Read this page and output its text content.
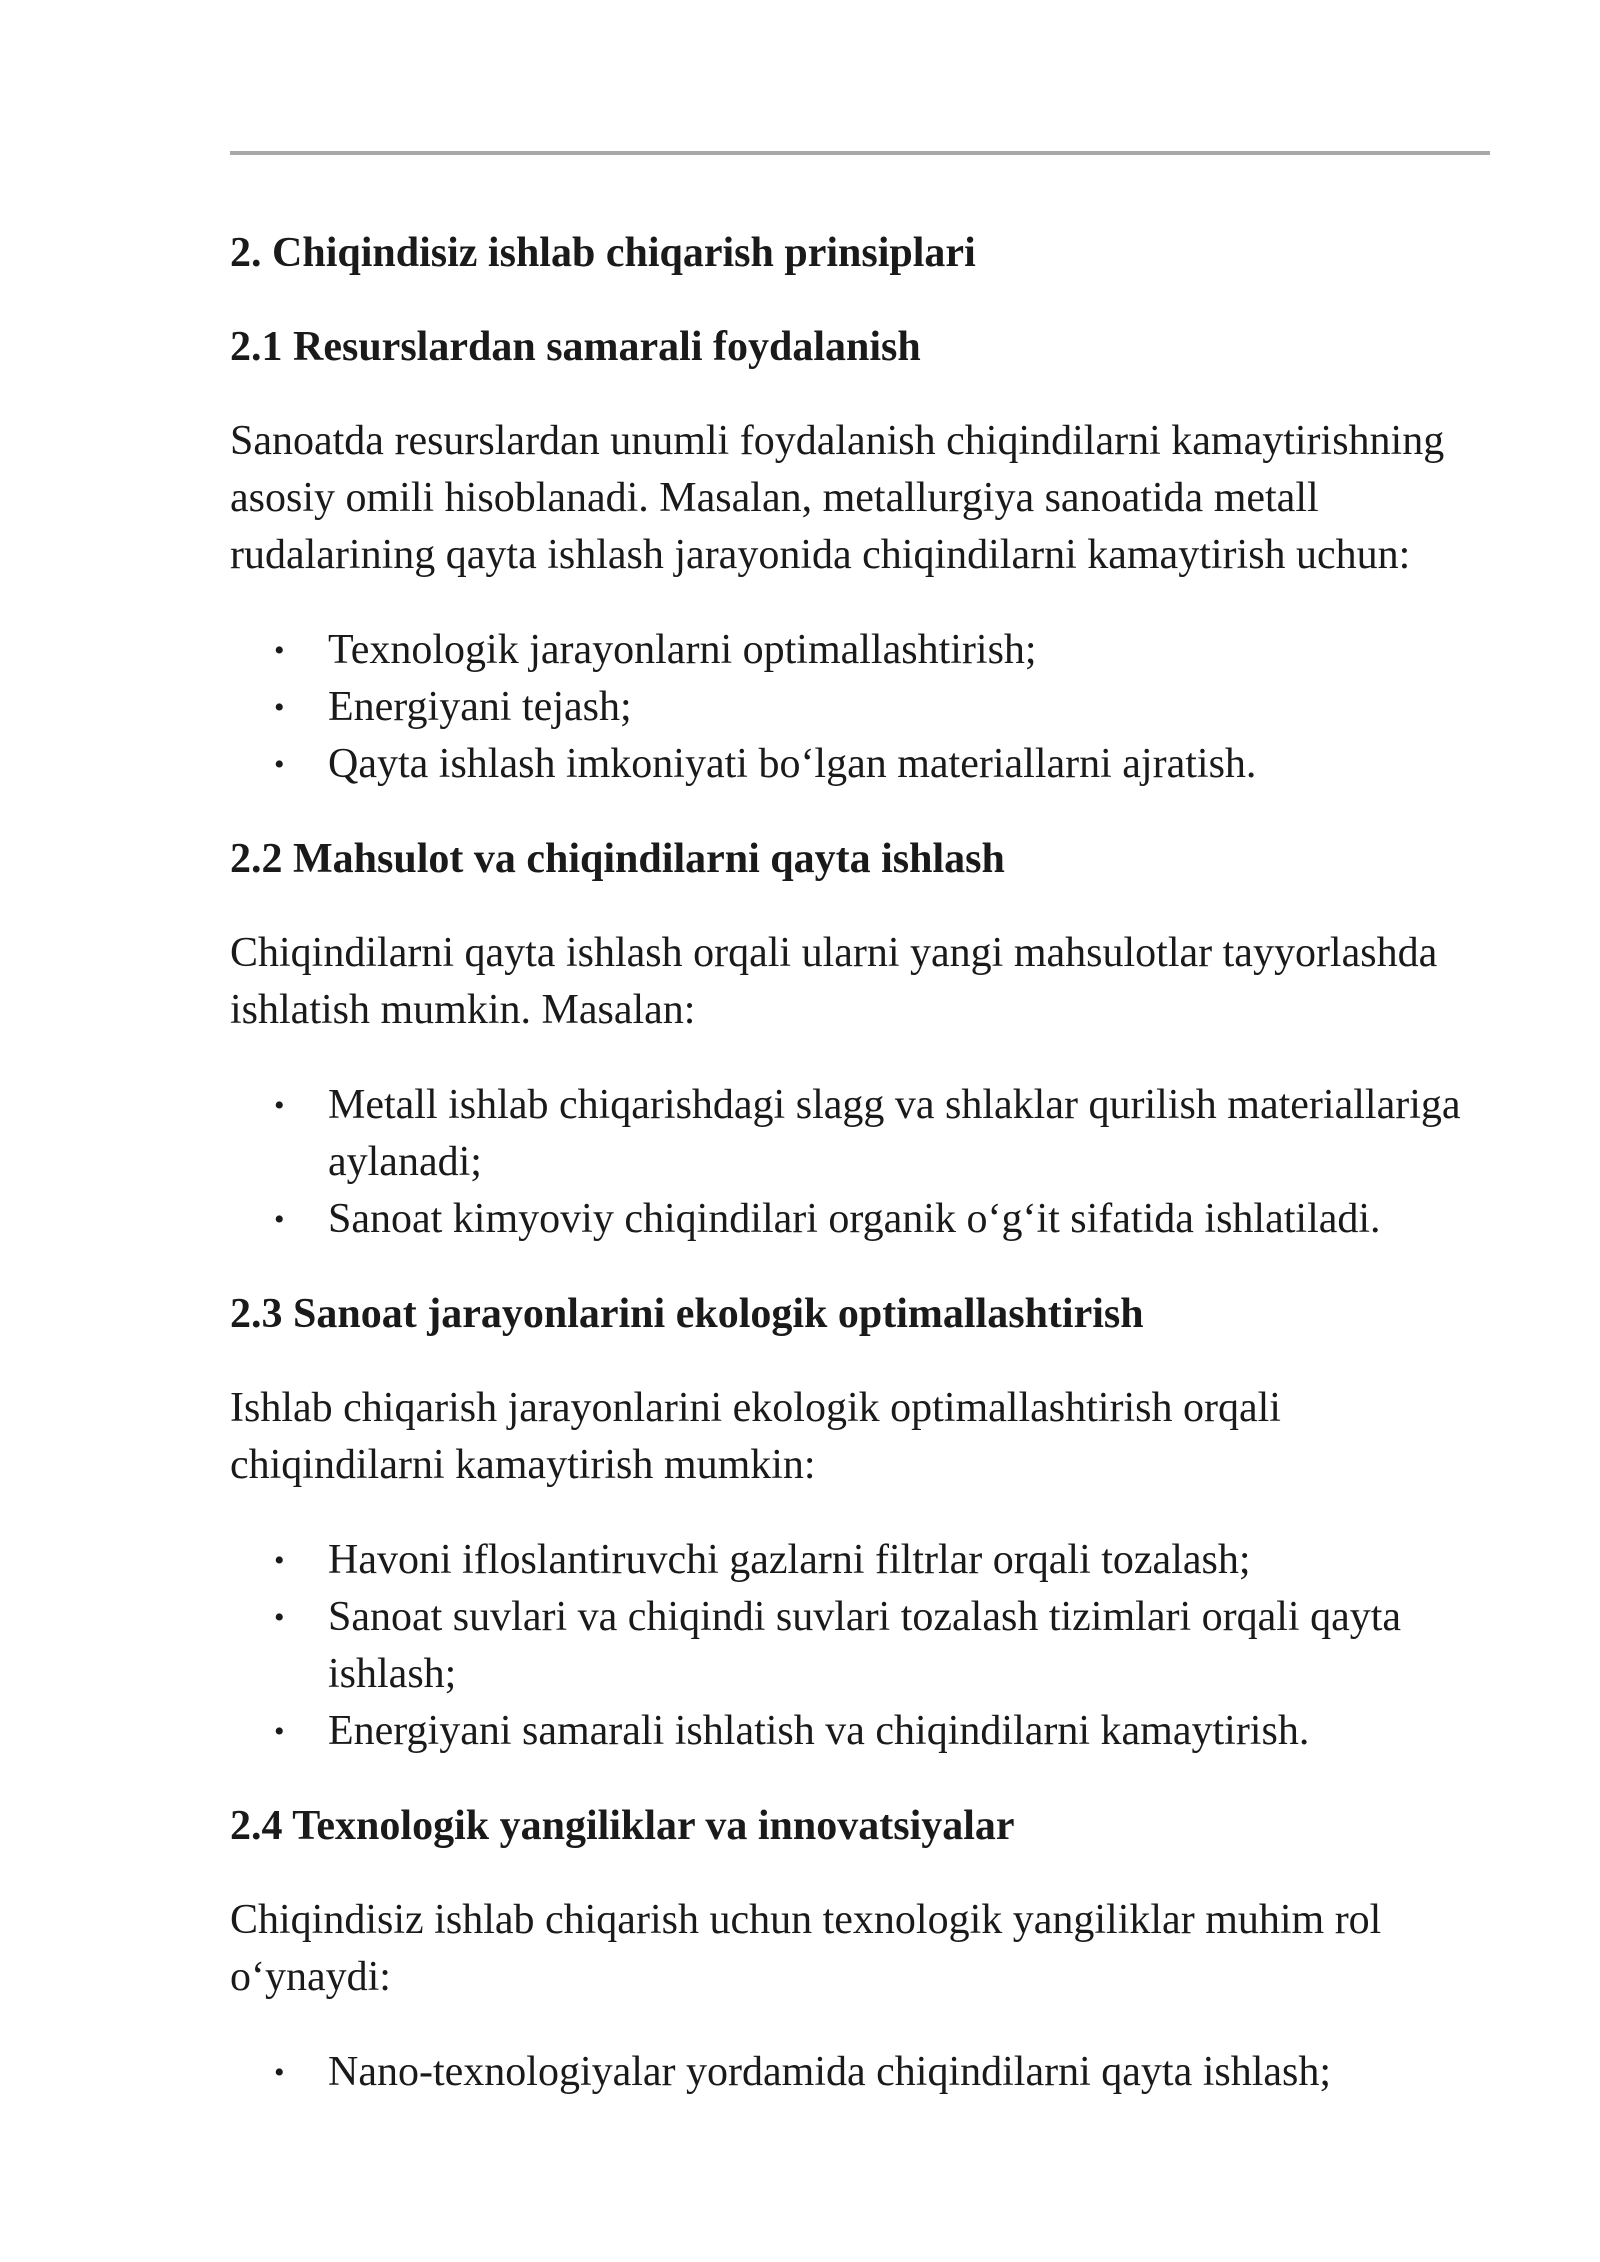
2. Chiqindisiz ishlab chiqarish prinsiplari
2.1 Resurslardan samarali foydalanish

Sanoatda resurslardan unumli foydalanish chiqindilarni kamaytirishning asosiy omili hisoblanadi. Masalan, metallurgiya sanoatida metall rudalarining qayta ishlash jarayonida chiqindilarni kamaytirish uchun:

• Texnologik jarayonlarni optimallashtirish;
• Energiyani tejash;
• Qayta ishlash imkoniyati bo‘lgan materiallarni ajratish.
2.2 Mahsulot va chiqindilarni qayta ishlash

Chiqindilarni qayta ishlash orqali ularni yangi mahsulotlar tayyorlashda ishlatish mumkin. Masalan:

• Metall ishlab chiqarishdagi slagg va shlaklar qurilish materiallariga aylanadi;
• Sanoat kimyoviy chiqindilari organik o‘g‘it sifatida ishlatiladi.
2.3 Sanoat jarayonlarini ekologik optimallashtirish

Ishlab chiqarish jarayonlarini ekologik optimallashtirish orqali chiqindilarni kamaytirish mumkin:

• Havoni ifloslantiruvchi gazlarni filtrlar orqali tozalash;
• Sanoat suvlari va chiqindi suvlari tozalash tizimlari orqali qayta ishlash;
• Energiyani samarali ishlatish va chiqindilarni kamaytirish.
2.4 Texnologik yangiliklar va innovatsiyalar

Chiqindisiz ishlab chiqarish uchun texnologik yangiliklar muhim rol o‘ynaydi:

• Nano-texnologiyalar yordamida chiqindilarni qayta ishlash;
